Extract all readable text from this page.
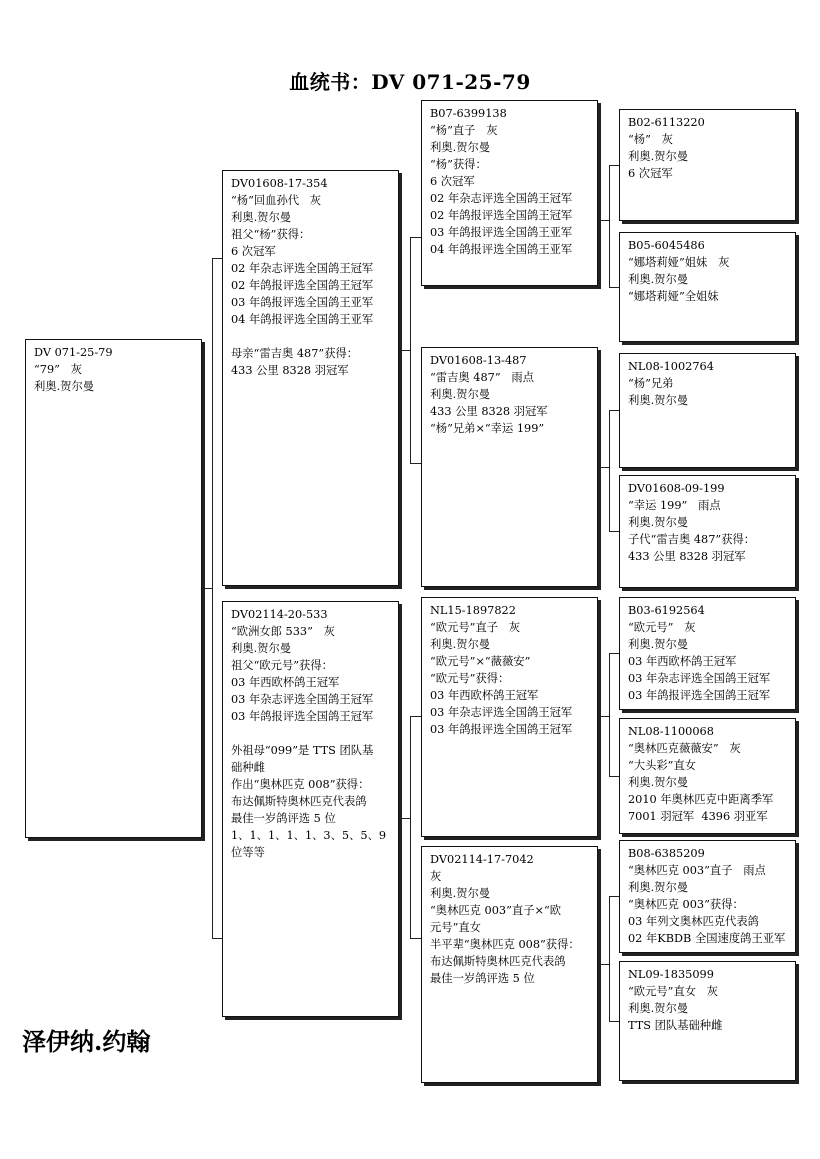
血统书：DV 071-25-79
DV 071-25-79
“79”   灰
利奥.贺尔曼
DV01608-17-354
“杨”回血孙代   灰
利奥.贺尔曼
祖父“杨”获得：
6 次冠军
02 年杂志评选全国鸽王冠军
02 年鸽报评选全国鸽王冠军
03 年鸽报评选全国鸽王亚军
04 年鸽报评选全国鸽王亚军

母亲“雷吉奥 487”获得：
433 公里 8328 羽冠军
DV02114-20-533
“欧洲女郎 533”   灰
利奥.贺尔曼
祖父“欧元号”获得：
03 年西欧杯鸽王冠军
03 年杂志评选全国鸽王冠军
03 年鸽报评选全国鸽王冠军

外祖母“099”是 TTS 团队基
础种雌
作出“奥林匹克 008”获得：
布达佩斯特奥林匹克代表鸽
最佳一岁鸽评选 5 位
1、1、1、1、1、3、5、5、9
位等等
B07-6399138
“杨”直子   灰
利奥.贺尔曼
“杨”获得：
6 次冠军
02 年杂志评选全国鸽王冠军
02 年鸽报评选全国鸽王冠军
03 年鸽报评选全国鸽王亚军
04 年鸽报评选全国鸽王亚军
DV01608-13-487
“雷吉奥 487”   雨点
利奥.贺尔曼
433 公里 8328 羽冠军
“杨”兄弟×“幸运 199”
NL15-1897822
“欧元号”直子   灰
利奥.贺尔曼
“欧元号”×“薇薇安”
“欧元号”获得：
03 年西欧杯鸽王冠军
03 年杂志评选全国鸽王冠军
03 年鸽报评选全国鸽王冠军
DV02114-17-7042
灰
利奥.贺尔曼
“奥林匹克 003”直子×“欧
元号”直女
半平辈“奥林匹克 008”获得：
布达佩斯特奥林匹克代表鸽
最佳一岁鸽评选 5 位
B02-6113220
“杨”   灰
利奥.贺尔曼
6 次冠军
B05-6045486
“娜塔莉娅”姐妹   灰
利奥.贺尔曼
“娜塔莉娅”全姐妹
NL08-1002764
“杨”兄弟
利奥.贺尔曼
DV01608-09-199
“幸运 199”   雨点
利奥.贺尔曼
子代“雷吉奥 487”获得：
433 公里 8328 羽冠军
B03-6192564
“欧元号”   灰
利奥.贺尔曼
03 年西欧杯鸽王冠军
03 年杂志评选全国鸽王冠军
03 年鸽报评选全国鸽王冠军
NL08-1100068
“奥林匹克薇薇安”   灰
“大头彩”直女
利奥.贺尔曼
2010 年奥林匹克中距离季军
7001 羽冠军  4396 羽亚军
B08-6385209
“奥林匹克 003”直子   雨点
利奥.贺尔曼
“奥林匹克 003”获得：
03 年列文奥林匹克代表鸽
02 年KBDB 全国速度鸽王亚军
NL09-1835099
“欧元号”直女   灰
利奥.贺尔曼
TTS 团队基础种雌
泽伊纳.约翰
